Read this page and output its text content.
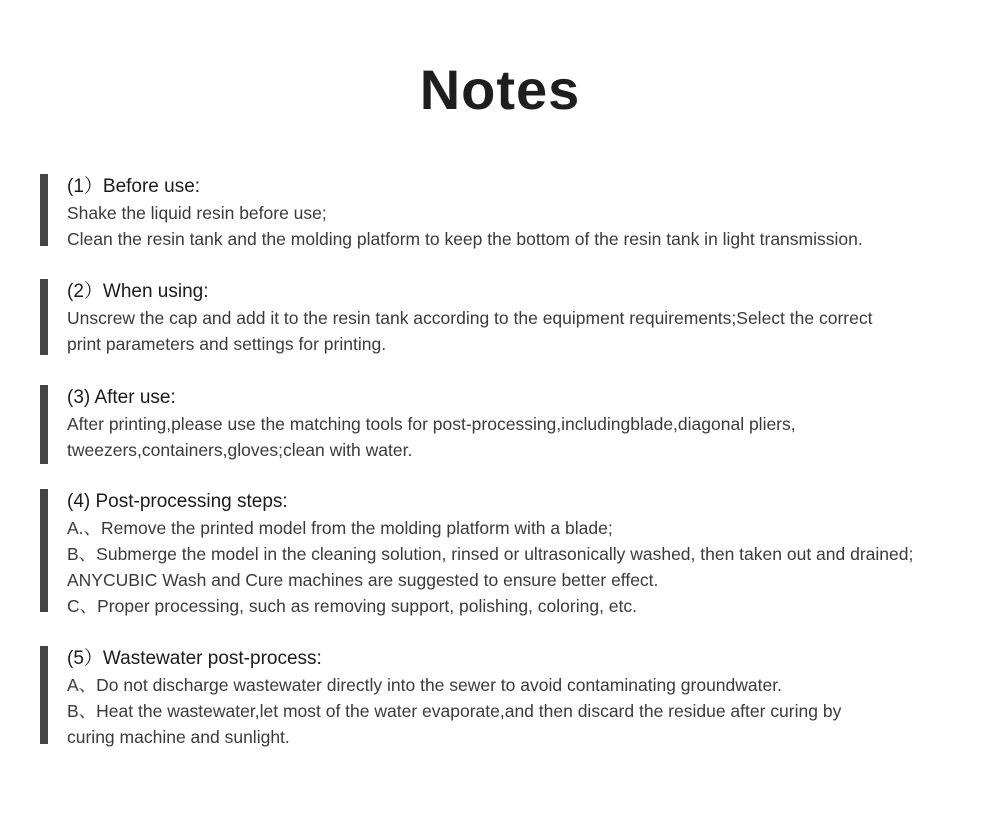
Notes

(1）Before use:

Shake the liquid resin before use;

Clean the resin tank and the molding platform to keep the bottom of the resin tank in light transmission.

(2）When using:

Unscrew the cap and add it to the resin tank according to the equipment requirements;Select the correct

print parameters and settings for printing.

(3) After use:

After printing,please use the matching tools for post-processing,includingblade,diagonal pliers,

tweezers,containers,gloves;clean with water.

(4) Post-processing steps:

A.、Remove the printed model from the molding platform with a blade;

B、Submerge the model in the cleaning solution, rinsed or ultrasonically washed, then taken out and drained;

ANYCUBIC Wash and Cure machines are suggested to ensure better effect.

C、Proper processing, such as removing support, polishing, coloring, etc.

(5）Wastewater post-process:

A、Do not discharge wastewater directly into the sewer to avoid contaminating groundwater.

B、Heat the wastewater,let most of the water evaporate,and then discard the residue after curing by

curing machine and sunlight.
